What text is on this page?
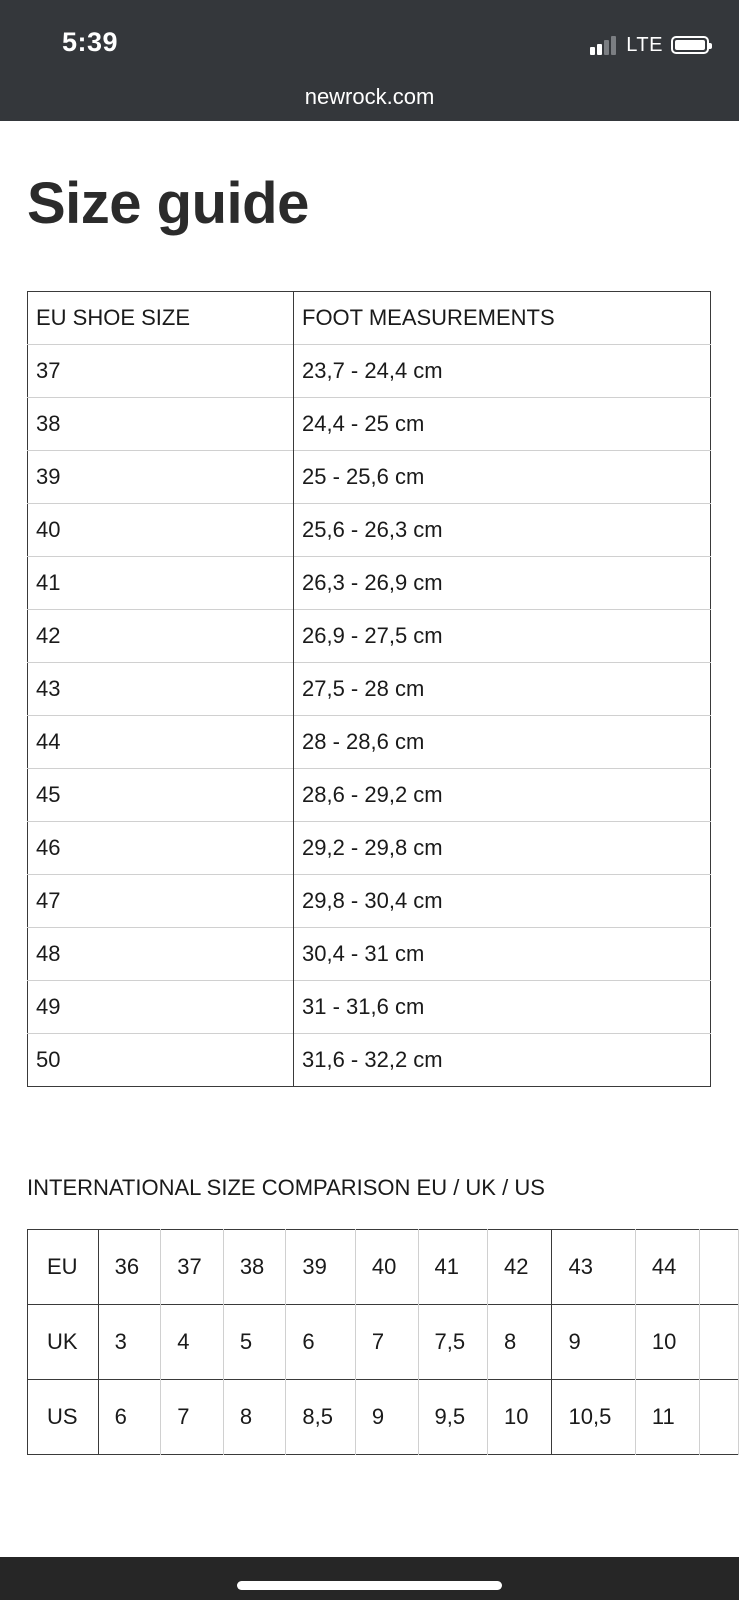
5:39	LTE
newrock.com
Size guide
EU SHOE SIZE	FOOT MEASUREMENTS
37	23,7 - 24,4 cm
38	24,4 - 25 cm
39	25 - 25,6 cm
40	25,6 - 26,3 cm
41	26,3 - 26,9 cm
42	26,9 - 27,5 cm
43	27,5 - 28 cm
44	28 - 28,6 cm
45	28,6 - 29,2 cm
46	29,2 - 29,8 cm
47	29,8 - 30,4 cm
48	30,4 - 31 cm
49	31 - 31,6 cm
50	31,6 - 32,2 cm
INTERNATIONAL SIZE COMPARISON EU / UK / US
EU	36	37	38	39	40	41	42	43	44	
UK	3	4	5	6	7	7,5	8	9	10	
US	6	7	8	8,5	9	9,5	10	10,5	11	
